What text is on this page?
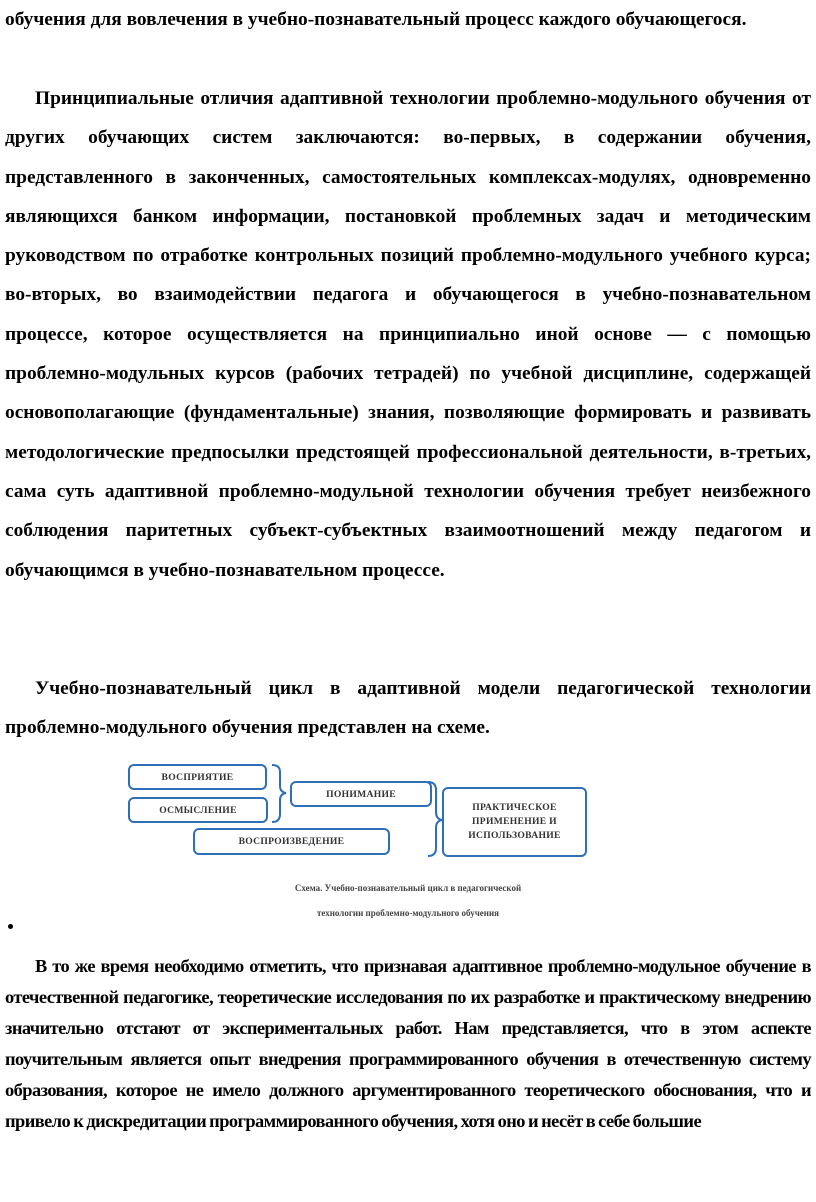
обучения для вовлечения в учебно-познавательный процесс каждого обучающегося.

Принципиальные отличия адаптивной технологии проблемно-модульного обучения от других обучающих систем заключаются: во-первых, в содержании обучения, представленного в законченных, самостоятельных комплексах-модулях, одновременно являющихся банком информации, постановкой проблемных задач и методическим руководством по отработке контрольных позиций проблемно-модульного учебного курса; во-вторых, во взаимодействии педагога и обучающегося в учебно-познавательном процессе, которое осуществляется на принципиально иной основе — с помощью проблемно-модульных курсов (рабочих тетрадей) по учебной дисциплине, содержащей основополагающие (фундаментальные) знания, позволяющие формировать и развивать методологические предпосылки предстоящей профессиональной деятельности, в-третьих, сама суть адаптивной проблемно-модульной технологии обучения требует неизбежного соблюдения паритетных субъект-субъектных взаимоотношений между педагогом и обучающимся в учебно-познавательном процессе.

Учебно-познавательный цикл в адаптивной модели педагогической технологии проблемно-модульного обучения представлен на схеме.

ВОСПРИЯТИЕ
ОСМЫСЛЕНИЕ
ПОНИМАНИЕ
ВОСПРОИЗВЕДЕНИЕ
ПРАКТИЧЕСКОЕ ПРИМЕНЕНИЕ И ИСПОЛЬЗОВАНИЕ
Схема. Учебно-познавательный цикл в педагогической
технологии проблемно-модульного обучения

В то же время необходимо отметить, что признавая адаптивное проблемно-модульное обучение в отечественной педагогике, теоретические исследования по их разработке и практическому внедрению значительно отстают от экспериментальных работ. Нам представляется, что в этом аспекте поучительным является опыт внедрения программированного обучения в отечественную систему образования, которое не имело должного аргументированного теоретического обоснования, что и привело к дискредитации программированного обучения, хотя оно и несёт в себе большие
